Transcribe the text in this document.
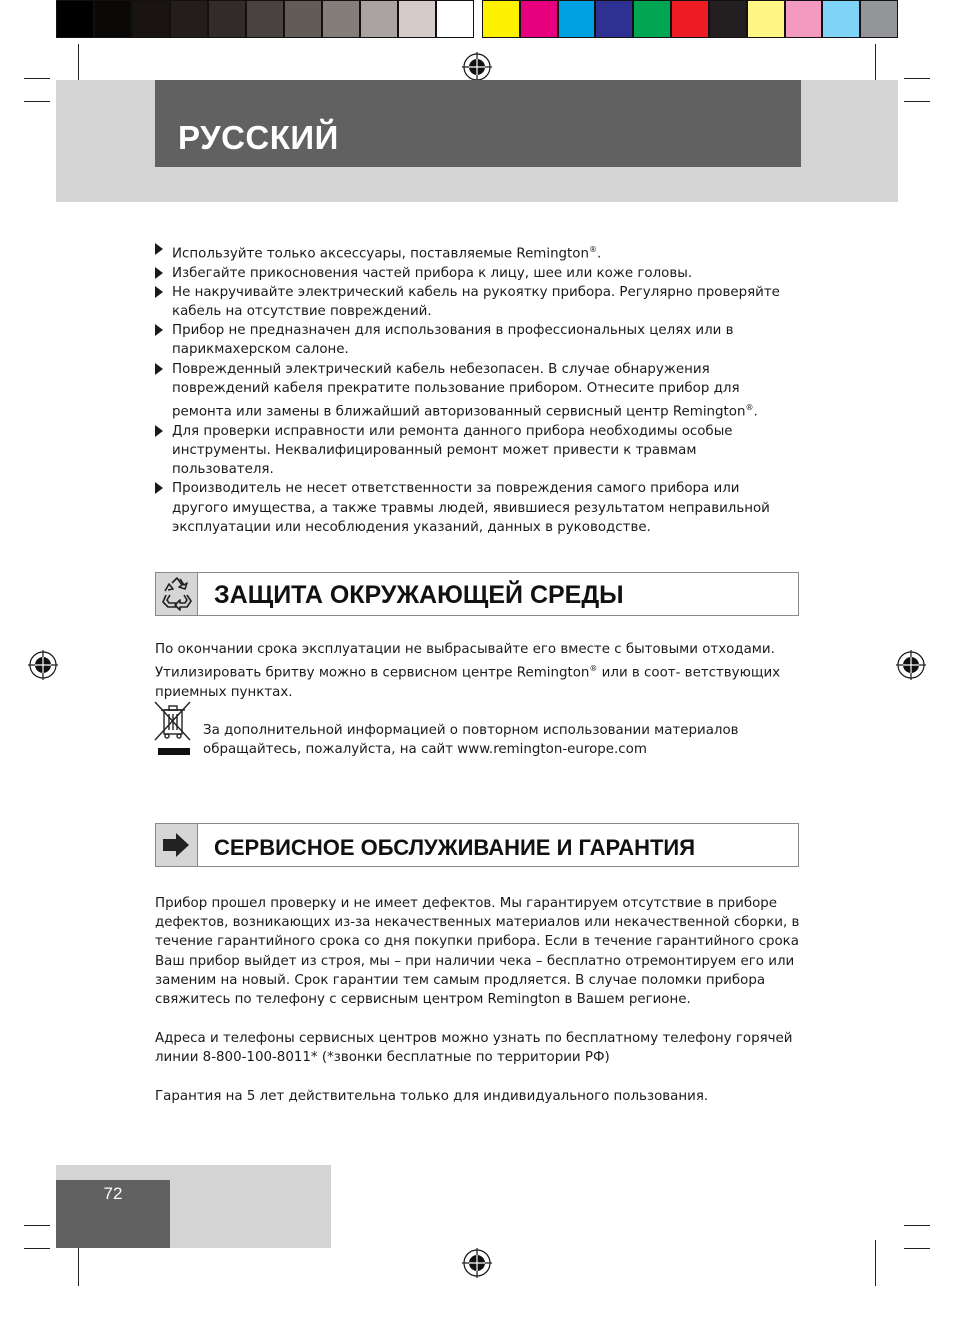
РУССКИЙ
Используйте только аксессуары, поставляемые Remington®.
Избегайте прикосновения частей прибора к лицу, шее или коже головы.
Не накручивайте электрический кабель на рукоятку прибора. Регулярно проверяйте кабель на отсутствие повреждений.
Прибор не предназначен для использования в профессиональных целях или в парикмахерском салоне.
Поврежденный электрический кабель небезопасен. В случае обнаружения повреждений кабеля прекратите пользование прибором. Отнесите прибор для ремонта или замены в ближайший авторизованный сервисный центр Remington®.
Для проверки исправности или ремонта данного прибора необходимы особые инструменты. Неквалифицированный ремонт может привести к травмам пользователя.
Производитель не несет ответственности за повреждения самого прибора или другого имущества, а также травмы людей, явившиеся результатом неправильной эксплуатации или несоблюдения указаний, данных в руководстве.
ЗАЩИТА ОКРУЖАЮЩЕЙ СРЕДЫ

По окончании срока эксплуатации не выбрасывайте его вместе с бытовыми отходами. Утилизировать бритву можно в сервисном центре Remington® или в соот- ветствующих приемных пунктах.

За дополнительной информацией о повторном использовании материалов обращайтесь, пожалуйста, на сайт www.remington-europe.com

СЕРВИСНОЕ ОБСЛУЖИВАНИЕ И ГАРАНТИЯ

Прибор прошел проверку и не имеет дефектов. Мы гарантируем отсутствие в приборе дефектов, возникающих из-за некачественных материалов или некачественной сборки, в течение гарантийного срока со дня покупки прибора. Если в течение гарантийного срока Ваш прибор выйдет из строя, мы – при наличии чека – бесплатно отремонтируем его или заменим на новый. Срок гарантии тем самым продляется. В случае поломки прибора свяжитесь по телефону с сервисным центром Remington в Вашем регионе.

Адреса и телефоны сервисных центров можно узнать по бесплатному телефону горячей линии 8-800-100-8011* (*звонки бесплатные по территории РФ)

Гарантия на 5 лет действительна только для индивидуального пользования.

72
